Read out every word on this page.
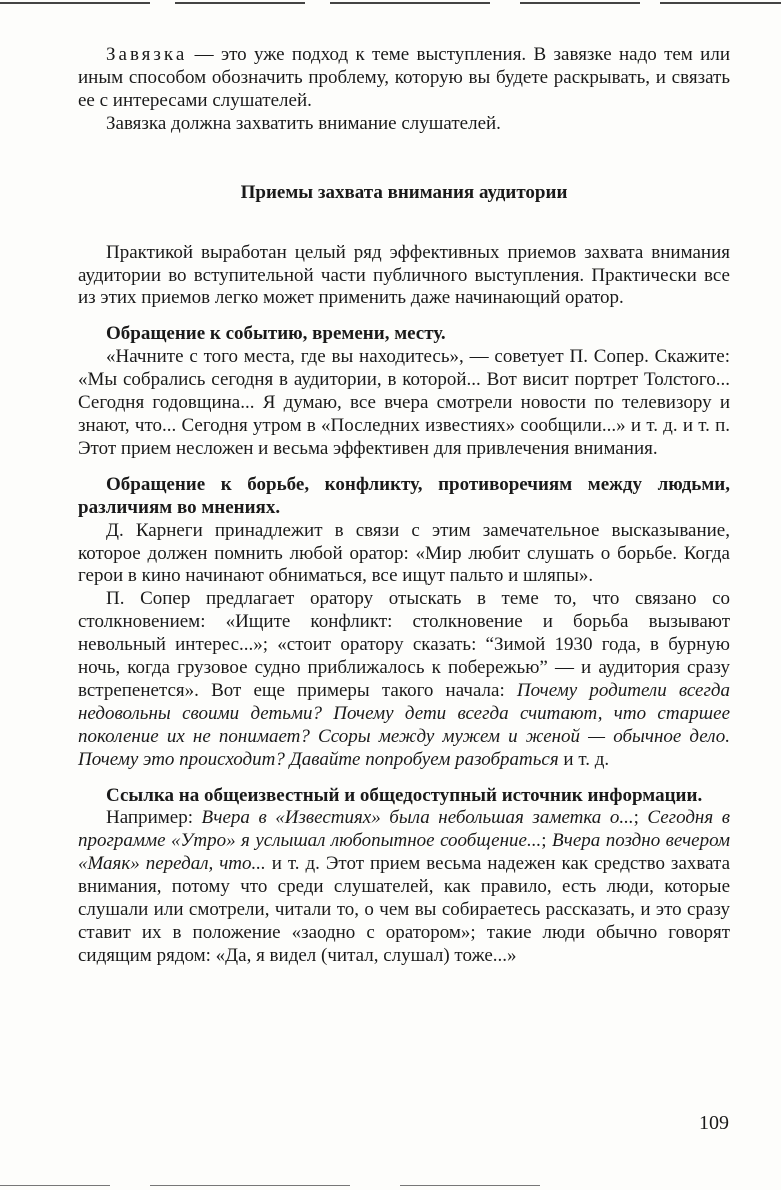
Завязка — это уже подход к теме выступления. В завязке надо тем или иным способом обозначить проблему, которую вы будете раскрывать, и связать ее с интересами слушателей.

Завязка должна захватить внимание слушателей.

Приемы захвата внимания аудитории

Практикой выработан целый ряд эффективных приемов захвата внимания аудитории во вступительной части публичного выступления. Практически все из этих приемов легко может применить даже начинающий оратор.

Обращение к событию, времени, месту.

«Начните с того места, где вы находитесь», — советует П. Сопер. Скажите: «Мы собрались сегодня в аудитории, в которой... Вот висит портрет Толстого... Сегодня годовщина... Я думаю, все вчера смотрели новости по телевизору и знают, что... Сегодня утром в «Последних известиях» сообщили...» и т. д. и т. п. Этот прием несложен и весьма эффективен для привлечения внимания.

Обращение к борьбе, конфликту, противоречиям между людьми, различиям во мнениях.

Д. Карнеги принадлежит в связи с этим замечательное высказывание, которое должен помнить любой оратор: «Мир любит слушать о борьбе. Когда герои в кино начинают обниматься, все ищут пальто и шляпы».

П. Сопер предлагает оратору отыскать в теме то, что связано со столкновением: «Ищите конфликт: столкновение и борьба вызывают невольный интерес...»; «стоит оратору сказать: “Зимой 1930 года, в бурную ночь, когда грузовое судно приближалось к побережью” — и аудитория сразу встрепенется». Вот еще примеры такого начала: Почему родители всегда недовольны своими детьми? Почему дети всегда считают, что старшее поколение их не понимает? Ссоры между мужем и женой — обычное дело. Почему это происходит? Давайте попробуем разобраться и т. д.

Ссылка на общеизвестный и общедоступный источник информации.

Например: Вчера в «Известиях» была небольшая заметка о...; Сегодня в программе «Утро» я услышал любопытное сообщение...; Вчера поздно вечером «Маяк» передал, что... и т. д. Этот прием весьма надежен как средство захвата внимания, потому что среди слушателей, как правило, есть люди, которые слушали или смотрели, читали то, о чем вы собираетесь рассказать, и это сразу ставит их в положение «заодно с оратором»; такие люди обычно говорят сидящим рядом: «Да, я видел (читал, слушал) тоже...»

109
